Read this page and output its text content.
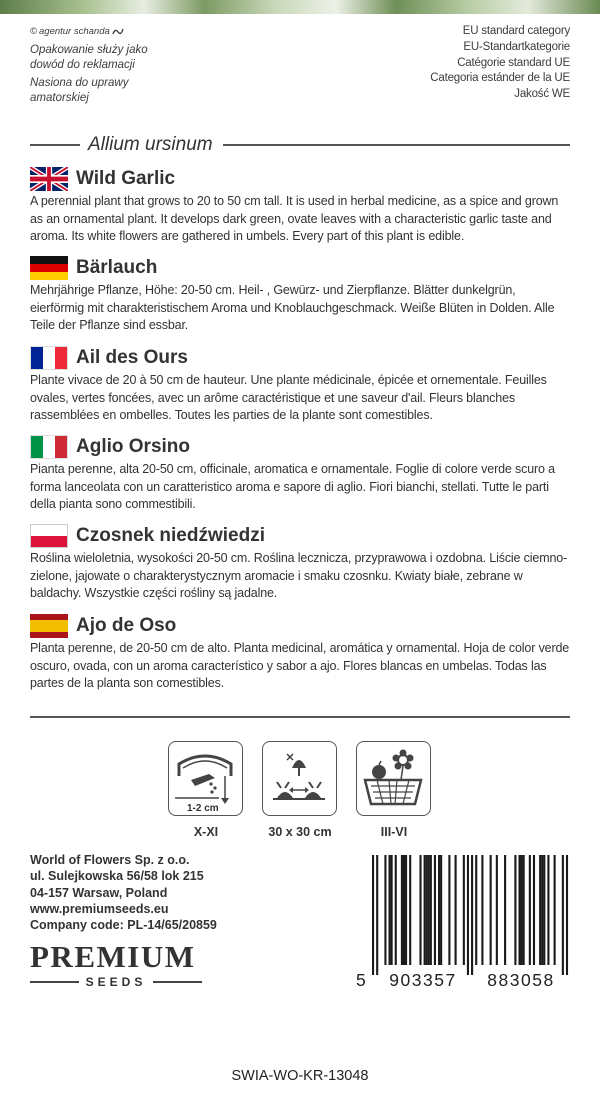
© agentur schanda
Opakowanie służy jako dowód do reklamacji
Nasiona do uprawy amatorskiej
EU standard category
EU-Standartkategorie
Catégorie standard UE
Categoria estánder de la UE
Jakość WE
Allium ursinum
Wild Garlic
A perennial plant that grows to 20 to 50 cm tall. It is used in herbal medicine, as a spice and grown as an ornamental plant. It develops dark green, ovate leaves with a characteristic garlic taste and aroma. Its white flowers are gathered in umbels. Every part of this plant is edible.
Bärlauch
Mehrjährige Pflanze, Höhe: 20-50 cm. Heil- , Gewürz- und Zierpflanze. Blätter dunkelgrün, eierförmig mit charakteristischem Aroma und Knoblauchgeschmack. Weiße Blüten in Dolden. Alle Teile der Pflanze sind essbar.
Ail des Ours
Plante vivace de 20 à 50 cm de hauteur. Une plante médicinale, épicée et ornementale. Feuilles ovales, vertes foncées, avec un arôme caractéristique et une saveur d'ail. Fleurs blanches rassemblées en ombelles. Toutes les parties de la plante sont comestibles.
Aglio Orsino
Pianta perenne, alta 20-50 cm, officinale, aromatica e ornamentale. Foglie di colore verde scuro a forma lanceolata con un caratteristico aroma e sapore di aglio. Fiori bianchi, stellati. Tutte le parti della pianta sono commestibili.
Czosnek niedźwiedzi
Roślina wieloletnia, wysokości 20-50 cm. Roślina lecznicza, przyprawowa i ozdobna. Liście ciemno-zielone, jajowate o charakterystycznym aromacie i smaku czosnku. Kwiaty białe, zebrane w baldachy. Wszystkie części rośliny są jadalne.
Ajo de Oso
Planta perenne, de 20-50 cm de alto. Planta medicinal, aromática y ornamental. Hoja de color verde oscuro, ovada, con un aroma característico y sabor a ajo. Flores blancas en umbelas. Todas las partes de la planta son comestibles.
1-2 cm
X-XI	30 x 30 cm	III-VI
World of Flowers Sp. z o.o.
ul. Sulejkowska 56/58 lok 215
04-157 Warsaw, Poland
www.premiumseeds.eu
Company code: PL-14/65/20859
PREMIUM
SEEDS	5	903357	883058
SWIA-WO-KR-13048
